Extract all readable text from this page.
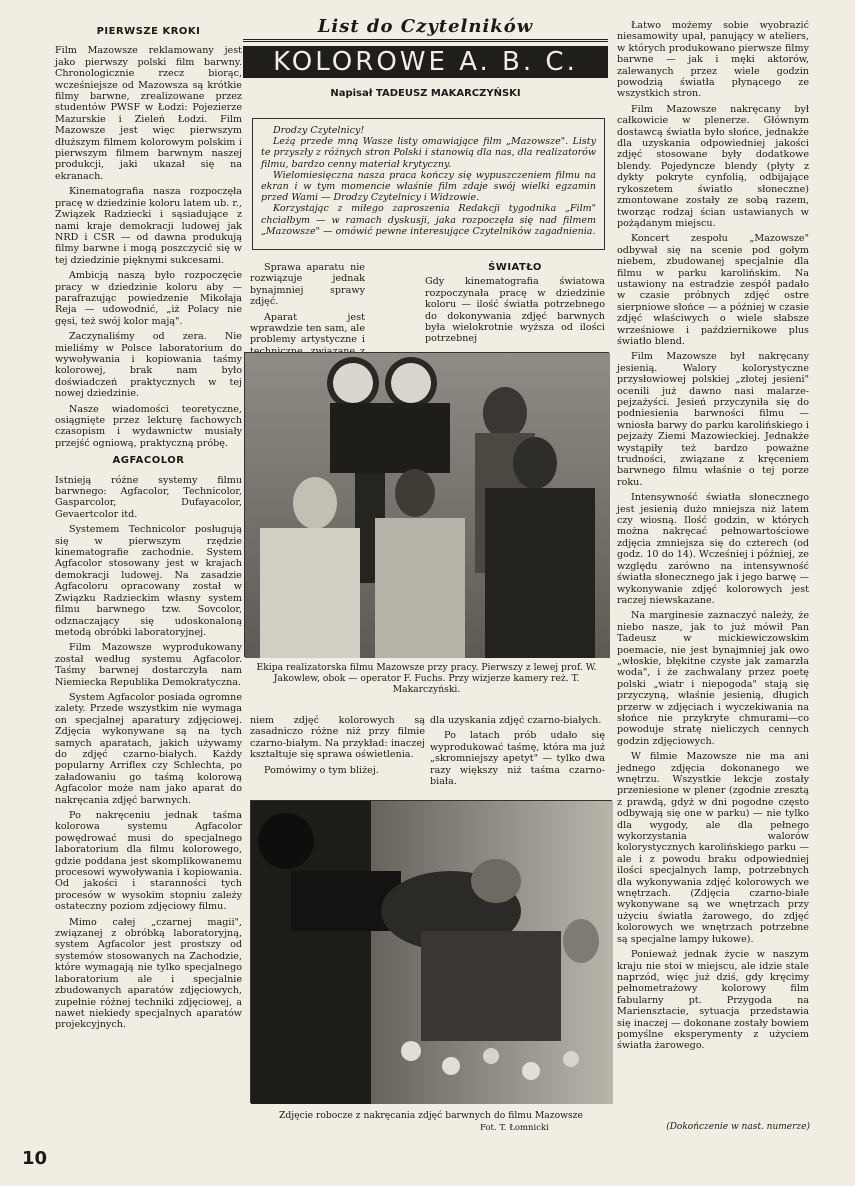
PIERWSZE KROKI

Film Mazowsze reklamowany jest jako pierwszy polski film barwny. Chronologicznie rzecz biorąc, wcześniejsze od Mazowsza są krótkie filmy barwne, zrealizowane przez studentów PWSF w Łodzi: Pojezierze Mazurskie i Zieleń Łodzi. Film Mazowsze jest więc pierwszym dłuższym filmem kolorowym polskim i pierwszym filmem barwnym naszej produkcji, jaki ukazał się na ekranach.

Kinematografia nasza rozpoczęła pracę w dziedzinie koloru latem ub. r., Związek Radziecki i sąsiadujące z nami kraje demokracji ludowej jak NRD i CSR — od dawna produkują filmy barwne i mogą poszczycić się w tej dziedzinie pięknymi sukcesami.

Ambicją naszą było rozpoczęcie pracy w dziedzinie koloru aby — parafrazując powiedzenie Mikołaja Reja — udowodnić, „iż Polacy nie gęsi, też swój kolor mają".

Zaczynaliśmy od zera. Nie mieliśmy w Polsce laboratorium do wywoływania i kopiowania taśmy kolorowej, brak nam było doświadczeń praktycznych w tej nowej dziedzinie.

Nasze wiadomości teoretyczne, osiągnięte przez lekturę fachowych czasopism i wydawnictw musiały przejść ogniową, praktyczną próbę.

AGFACOLOR

Istnieją różne systemy filmu barwnego: Agfacolor, Technicolor, Gasparcolor, Dufayacolor, Gevaertcolor itd.

Systemem Technicolor posługują się w pierwszym rzędzie kinematografie zachodnie. System Agfacolor stosowany jest w krajach demokracji ludowej. Na zasadzie Agfacoloru opracowany został w Związku Radzieckim własny system filmu barwnego tzw. Sovcolor, odznaczający się udoskonaloną metodą obróbki laboratoryjnej.

Film Mazowsze wyprodukowany został według systemu Agfacolor. Taśmy barwnej dostarczyła nam Niemiecka Republika Demokratyczna.

System Agfacolor posiada ogromne zalety. Przede wszystkim nie wymaga on specjalnej aparatury zdjęciowej. Zdjęcia wykonywane są na tych samych aparatach, jakich używamy do zdjęć czarno-białych. Każdy popularny Arriflex czy Schlechta, po załadowaniu go taśmą kolorową Agfacolor może nam jako aparat do nakręcania zdjęć barwnych.

Po nakręceniu jednak taśma kolorowa systemu Agfacolor powędrować musi do specjalnego laboratorium dla filmu kolorowego, gdzie poddana jest skomplikowanemu procesowi wywoływania i kopiowania. Od jakości i staranności tych procesów w wysokim stopniu zależy ostateczny poziom zdjęciowy filmu.

Mimo całej „czarnej magii", związanej z obróbką laboratoryjną, system Agfacolor jest prostszy od systemów stosowanych na Zachodzie, które wymagają nie tylko specjalnego laboratorium ale i specjalnie zbudowanych aparatów zdjęciowych, zupełnie różnej techniki zdjęciowej, a nawet niekiedy specjalnych aparatów projekcyjnych.

List do Czytelników
KOLOROWE A. B. C.
Napisał TADEUSZ MAKARCZYŃSKI

Drodzy Czytelnicy!

Leżą przede mną Wasze listy omawiające film „Mazowsze". Listy te przyszły z różnych stron Polski i stanowią dla nas, dla realizatorów filmu, bardzo cenny materiał krytyczny.

Wielomiesięczna nasza praca kończy się wypuszczeniem filmu na ekran i w tym momencie właśnie film zdaje swój wielki egzamin przed Wami — Drodzy Czytelnicy i Widzowie.

Korzystając z miłego zaproszenia Redakcji tygodnika „Film" chciałbym — w ramach dyskusji, jaka rozpoczęła się nad filmem „Mazowsze" — omówić pewne interesujące Czytelników zagadnienia.

Sprawa aparatu nie rozwiązuje jednak bynajmniej sprawy zdjęć.

Aparat jest wprawdzie ten sam, ale problemy artystyczne i

ŚWIATŁO

Gdy kinematografia światowa rozpoczynała pracę w dziedzinie koloru — ilość światła potrzebnego do dokonywania zdjęć barwnych była wielokrotnie wyższa od ilości potrzebnej

Ekipa realizatorska filmu Mazowsze przy pracy. Pierwszy z lewej prof. W. Jakowlew, obok — operator F. Fuchs. Przy wizjerze kamery reż. T. Makarczyński.

niem zdjęć kolorowych są zasadniczo różne niż przy filmie czarno-białym. Na przykład: inaczej kształtuje się sprawa oświetlenia.

Pomówimy o tym bliżej.

dla uzyskania zdjęć czarno-białych.

Po latach prób udało się wyprodukować taśmę, która ma już „skromniejszy apetyt" — tylko dwa razy większy niż taśma czarno-biała.

Zdjęcie robocze z nakręcania zdjęć barwnych do filmu Mazowsze
Fot. T. Łomnicki

Łatwo możemy sobie wyobrazić niesamowity upał, panujący w ateliers, w których produkowano pierwsze filmy barwne — jak i męki aktorów, zalewanych przez wiele godzin powodzią światła płynącego ze wszystkich stron.

Film Mazowsze nakręcany był całkowicie w plenerze. Głównym dostawcą światła było słońce, jednakże dla uzyskania odpowiedniej jakości zdjęć stosowane były dodatkowe blendy. Pojedyncze blendy (płyty z dykty pokryte cynfolią, odbijające rykoszetem światło słoneczne) zmontowane zostały ze sobą razem, tworząc rodzaj ścian ustawianych w pożądanym miejscu.

Koncert zespołu „Mazowsze" odbywał się na scenie pod gołym niebem, zbudowanej specjalnie dla filmu w parku karolińskim. Na ustawiony na estradzie zespół padało w czasie próbnych zdjęć ostre sierpniowe słońce — a później w czasie zdjęć właściwych o wiele słabsze wrześniowe i październikowe plus światło blend.

Film Mazowsze był nakręcany jesienią. Walory kolorystyczne przysłowiowej polskiej „złotej jesieni" ocenili już dawno nasi malarze-pejzażyści. Jesień przyczyniła się do podniesienia barwności filmu — wniosła barwy do parku karolińskiego i pejzaży Ziemi Mazowieckiej. Jednakże wystąpiły też bardzo poważne trudności, związane z kręceniem barwnego filmu właśnie o tej porze roku.

Intensywność światła słonecznego jest jesienią dużo mniejsza niż latem czy wiosną. Ilość godzin, w których można nakręcać pełnowartościowe zdjęcia zmniejsza się do czterech (od godz. 10 do 14). Wcześniej i później, ze względu zarówno na intensywność światła słonecznego jak i jego barwę — wykonywanie zdjęć kolorowych jest raczej niewskazane.

Na marginesie zaznaczyć należy, że niebo nasze, jak to już mówił Pan Tadeusz w mickiewiczowskim poemacie, nie jest bynajmniej jak owo „włoskie, błękitne czyste jak zamarzła woda", i że zachwalany przez poetę polski „wiatr i niepogoda" stają się przyczyną, właśnie jesienią, długich przerw w zdjęciach i wyczekiwania na słońce nie przykryte chmurami—co powoduje stratę nieliczych cennych godzin zdjęciowych.

W filmie Mazowsze nie ma ani jednego zdjęcia dokonanego we wnętrzu. Wszystkie lekcje zostały przeniesione w plener (zgodnie zresztą z prawdą, gdyż w dni pogodne często odbywają się one w parku) — nie tylko dla wygody, ale dla pełnego wykorzystania walorów kolorystycznych karolińskiego parku — ale i z powodu braku odpowiedniej ilości specjalnych lamp, potrzebnych dla wykonywania zdjęć kolorowych we wnętrzach. (Zdjęcia czarno-białe wykonywane są we wnętrzach przy użyciu światła żarowego, do zdjęć kolorowych we wnętrzach potrzebne są specjalne lampy łukowe).

Ponieważ jednak życie w naszym kraju nie stoi w miejscu, ale idzie stale naprzód, więc już dziś, gdy kręcimy pełnometrażowy kolorowy film fabularny pt. Przygoda na Mariensztacie, sytuacja przedstawia się inaczej — dokonane zostały bowiem pomyślne eksperymenty z użyciem światła żarowego.

(Dokończenie w nast. numerze)
10
